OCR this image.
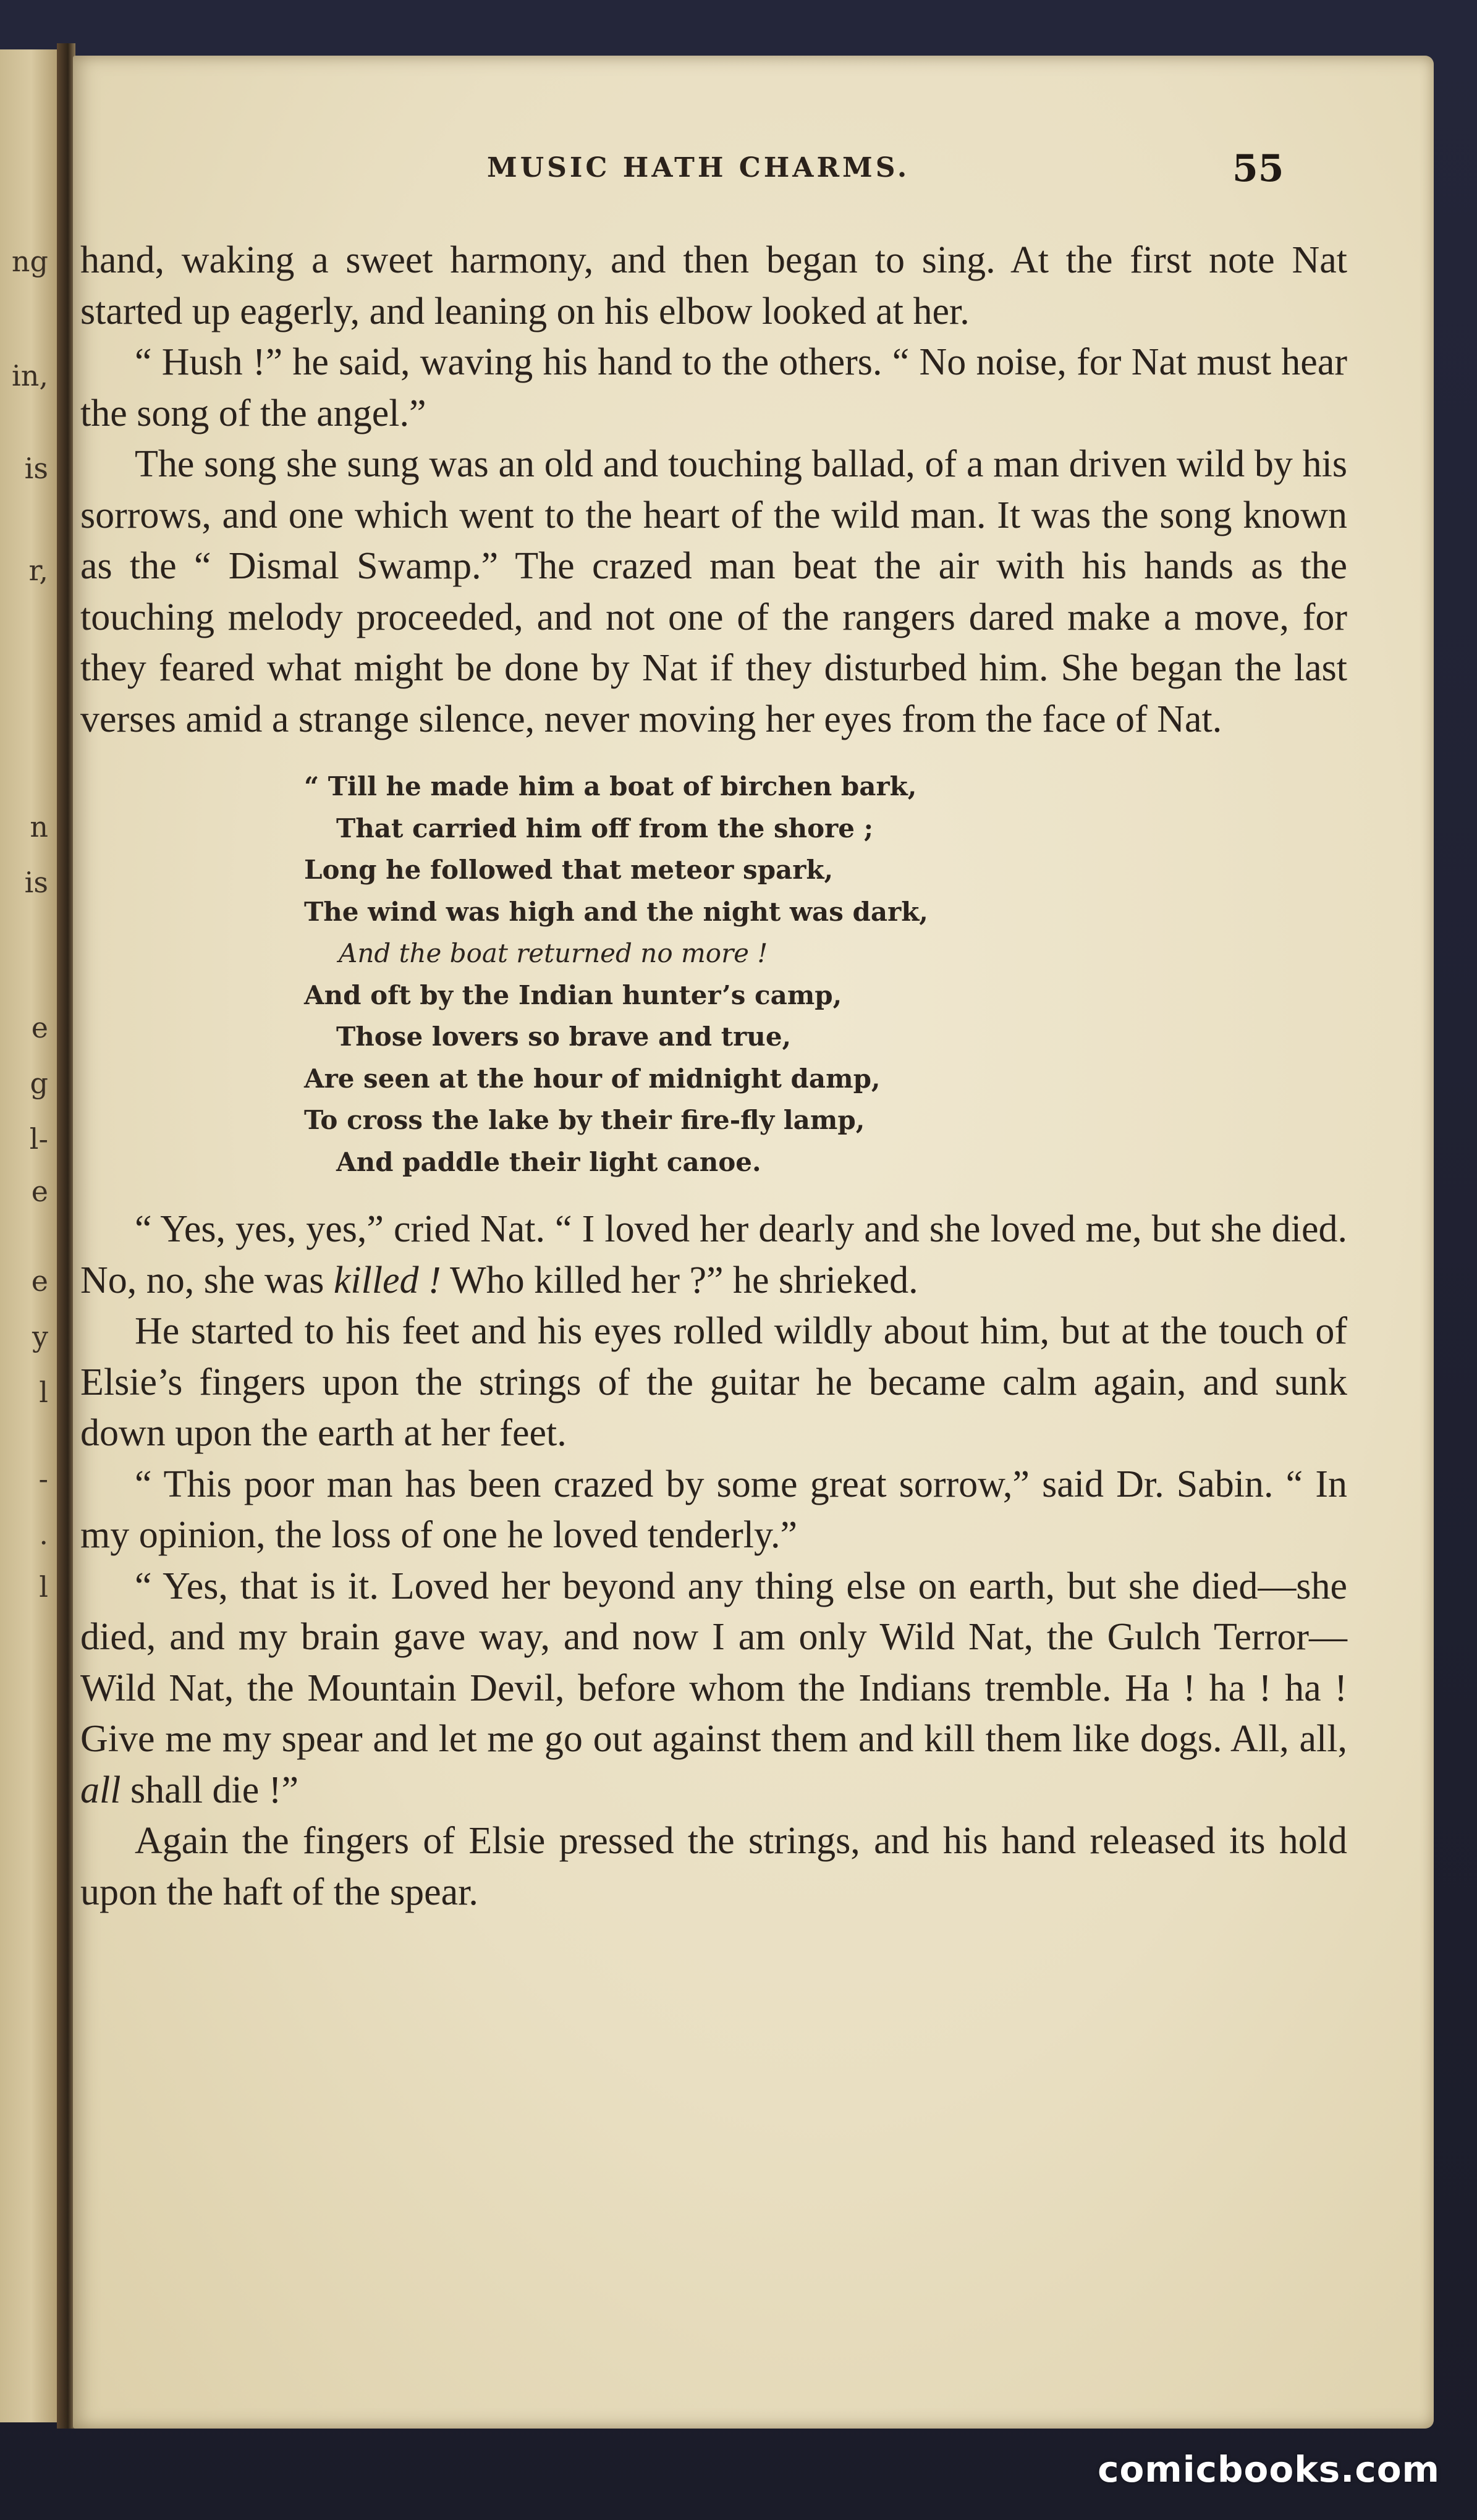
ng
in,
is
r,
n
is
e
g
l-
e
e
y
l
-
.
l
MUSIC HATH CHARMS.	55

hand, waking a sweet harmony, and then began to sing. At the first note Nat started up eagerly, and leaning on his elbow looked at her.

“ Hush !” he said, waving his hand to the others. “ No noise, for Nat must hear the song of the angel.”

The song she sung was an old and touching ballad, of a man driven wild by his sorrows, and one which went to the heart of the wild man. It was the song known as the “ Dismal Swamp.” The crazed man beat the air with his hands as the touching melody proceeded, and not one of the rangers dared make a move, for they feared what might be done by Nat if they disturbed him. She began the last verses amid a strange silence, never moving her eyes from the face of Nat.

“ Till he made him a boat of birchen bark,
That carried him off from the shore ;
Long he followed that meteor spark,
The wind was high and the night was dark,
And the boat returned no more !
And oft by the Indian hunter’s camp,
Those lovers so brave and true,
Are seen at the hour of midnight damp,
To cross the lake by their fire-fly lamp,
And paddle their light canoe.

“ Yes, yes, yes,” cried Nat. “ I loved her dearly and she loved me, but she died. No, no, she was killed ! Who killed her ?” he shrieked.

He started to his feet and his eyes rolled wildly about him, but at the touch of Elsie’s fingers upon the strings of the guitar he became calm again, and sunk down upon the earth at her feet.

“ This poor man has been crazed by some great sorrow,” said Dr. Sabin. “ In my opinion, the loss of one he loved tenderly.”

“ Yes, that is it. Loved her beyond any thing else on earth, but she died—she died, and my brain gave way, and now I am only Wild Nat, the Gulch Terror—Wild Nat, the Mountain Devil, before whom the Indians tremble. Ha ! ha ! ha ! Give me my spear and let me go out against them and kill them like dogs. All, all, all shall die !”

Again the fingers of Elsie pressed the strings, and his hand released its hold upon the haft of the spear.

comicbooks.com
